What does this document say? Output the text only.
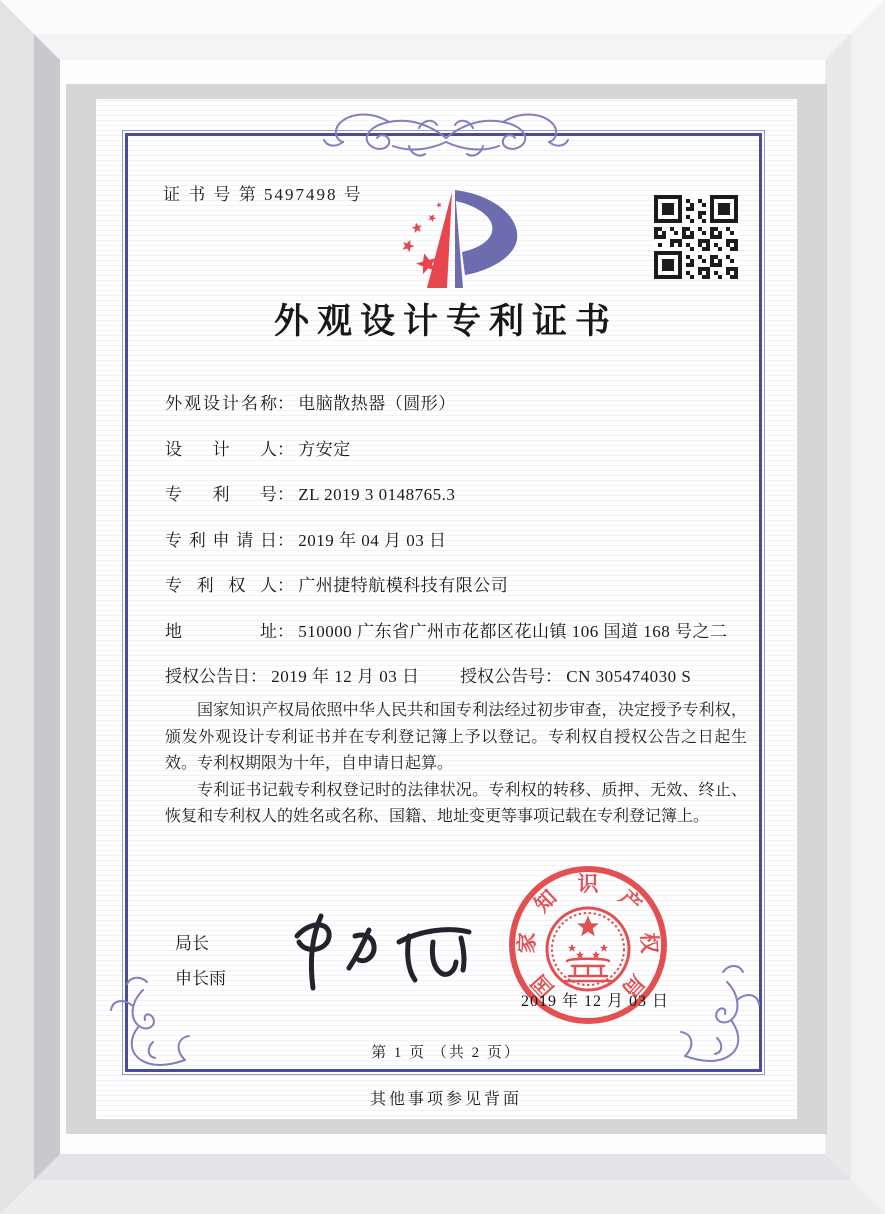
证 书 号 第 5497498 号
外观设计专利证书
外观设计名称： 电脑散热器（圆形）
设计人： 方安定
专利号： ZL 2019 3 0148765.3
专利申请日： 2019 年 04 月 03 日
专利权人： 广州捷特航模科技有限公司
地址： 510000 广东省广州市花都区花山镇 106 国道 168 号之二
授权公告日： 2019 年 12 月 03 日	授权公告号： CN 305474030 S

国家知识产权局依照中华人民共和国专利法经过初步审查，决定授予专利权，颁发外观设计专利证书并在专利登记簿上予以登记。专利权自授权公告之日起生效。专利权期限为十年，自申请日起算。

专利证书记载专利权登记时的法律状况。专利权的转移、质押、无效、终止、恢复和专利权人的姓名或名称、国籍、地址变更等事项记载在专利登记簿上。

局长
申长雨	国
家
知
识
产
权
局
2019 年 12 月 03 日
第 1 页 （共 2 页）
其他事项参见背面
